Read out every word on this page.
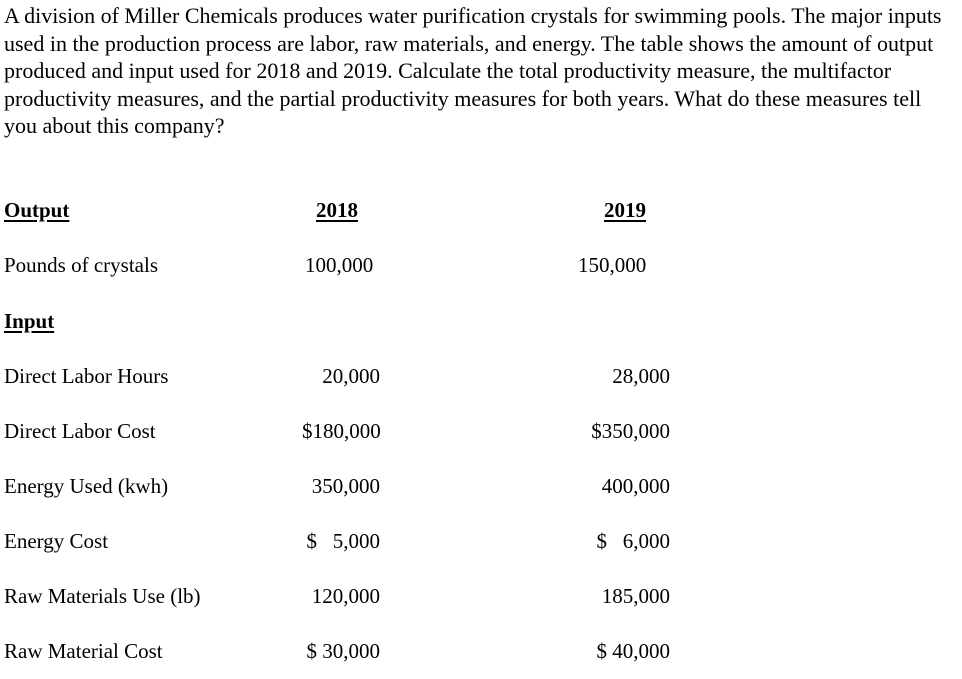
A division of Miller Chemicals produces water purification crystals for swimming pools. The major inputs used in the production process are labor, raw materials, and energy. The table shows the amount of output produced and input used for 2018 and 2019. Calculate the total productivity measure, the multifactor productivity measures, and the partial productivity measures for both years. What do these measures tell you about this company?

Output	2018	2019
Pounds of crystals	100,000	150,000
Input
Direct Labor Hours	20,000	28,000
Direct Labor Cost	$180,000	$350,000
Energy Used (kwh)	350,000	400,000
Energy Cost	$   5,000	$   6,000
Raw Materials Use (lb)	120,000	185,000
Raw Material Cost	$ 30,000	$ 40,000
